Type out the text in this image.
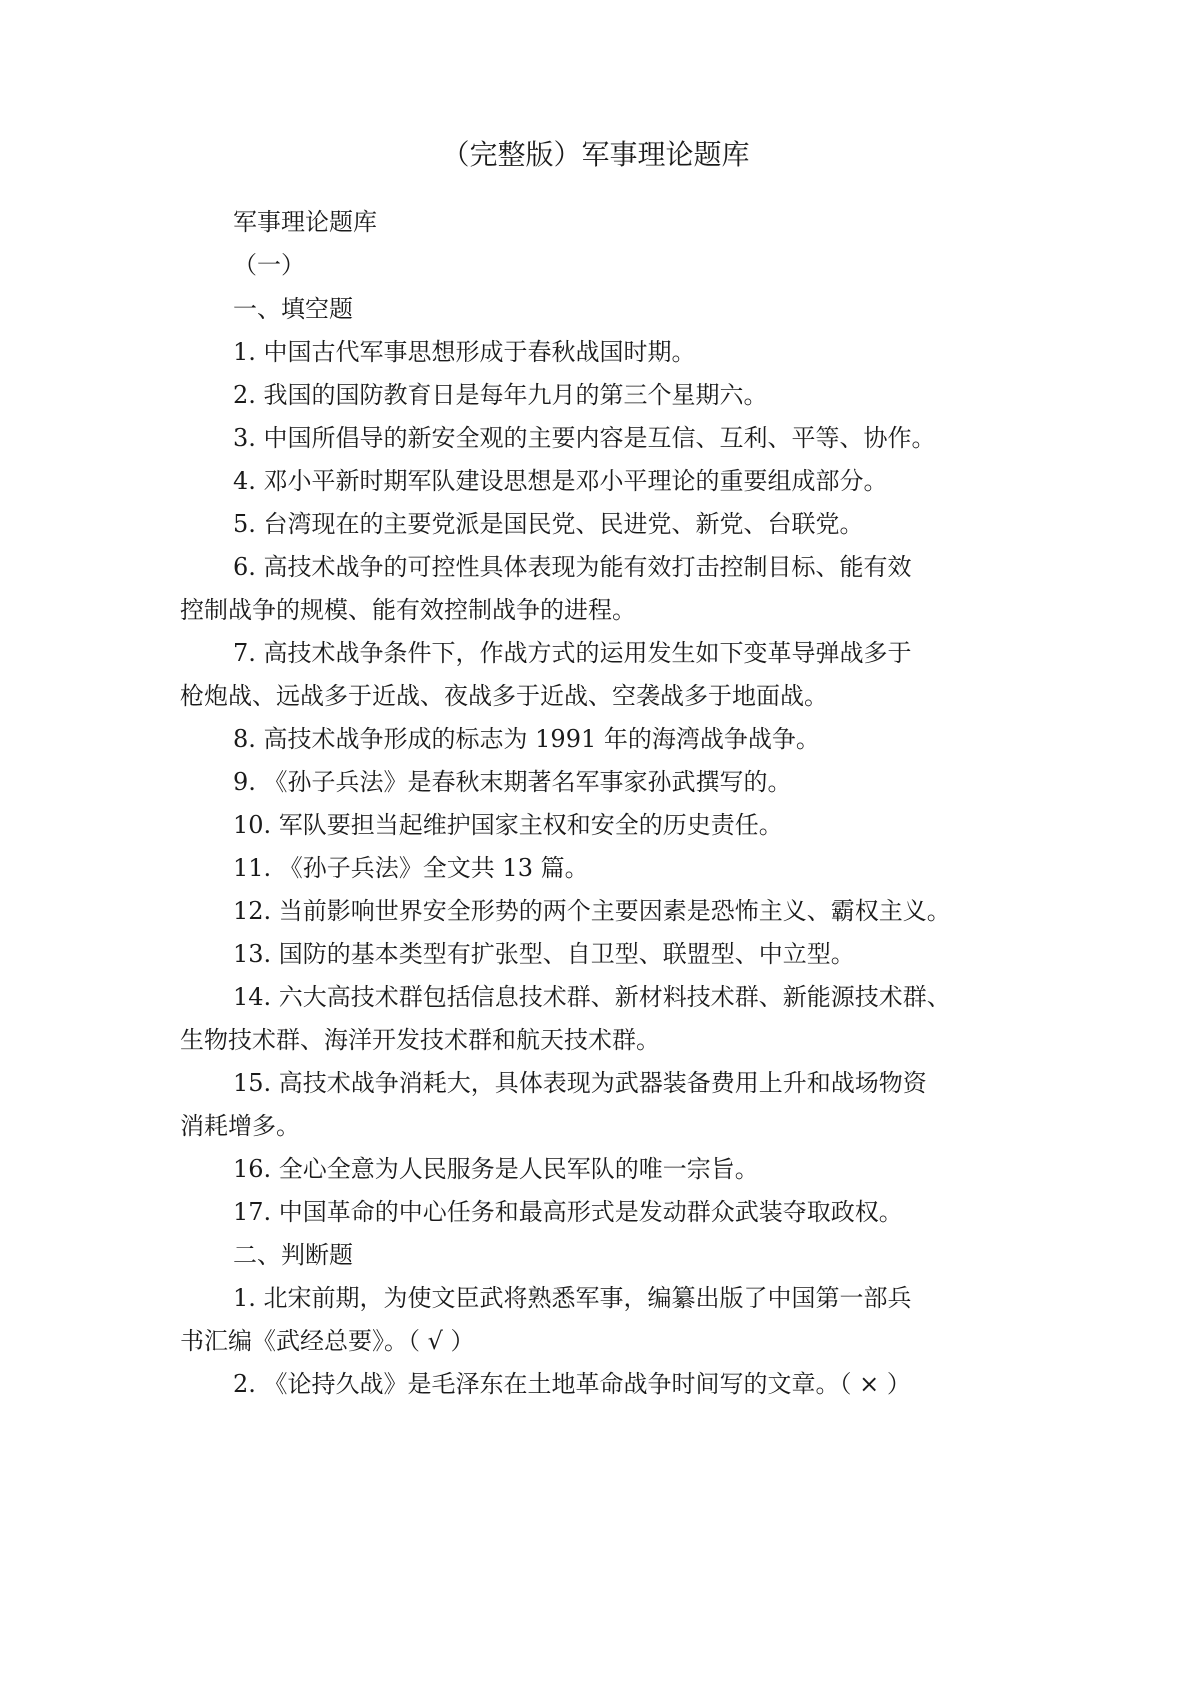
（完整版）军事理论题库
军事理论题库
（一）
一、填空题
1. 中国古代军事思想形成于春秋战国时期。
2. 我国的国防教育日是每年九月的第三个星期六。
3. 中国所倡导的新安全观的主要内容是互信、互利、平等、协作。
4. 邓小平新时期军队建设思想是邓小平理论的重要组成部分。
5. 台湾现在的主要党派是国民党、民进党、新党、台联党。
6. 高技术战争的可控性具体表现为能有效打击控制目标、能有效
控制战争的规模、能有效控制战争的进程。
7. 高技术战争条件下，作战方式的运用发生如下变革导弹战多于
枪炮战、远战多于近战、夜战多于近战、空袭战多于地面战。
8. 高技术战争形成的标志为 1991 年的海湾战争战争。
9. 《孙子兵法》是春秋末期著名军事家孙武撰写的。
10. 军队要担当起维护国家主权和安全的历史责任。
11. 《孙子兵法》全文共 13 篇。
12. 当前影响世界安全形势的两个主要因素是恐怖主义、霸权主义。
13. 国防的基本类型有扩张型、自卫型、联盟型、中立型。
14. 六大高技术群包括信息技术群、新材料技术群、新能源技术群、
生物技术群、海洋开发技术群和航天技术群。
15. 高技术战争消耗大，具体表现为武器装备费用上升和战场物资
消耗增多。
16. 全心全意为人民服务是人民军队的唯一宗旨。
17. 中国革命的中心任务和最高形式是发动群众武装夺取政权。
二、判断题
1. 北宋前期，为使文臣武将熟悉军事，编纂出版了中国第一部兵
书汇编《武经总要》。（ √ ）
2. 《论持久战》是毛泽东在土地革命战争时间写的文章。（ × ）
